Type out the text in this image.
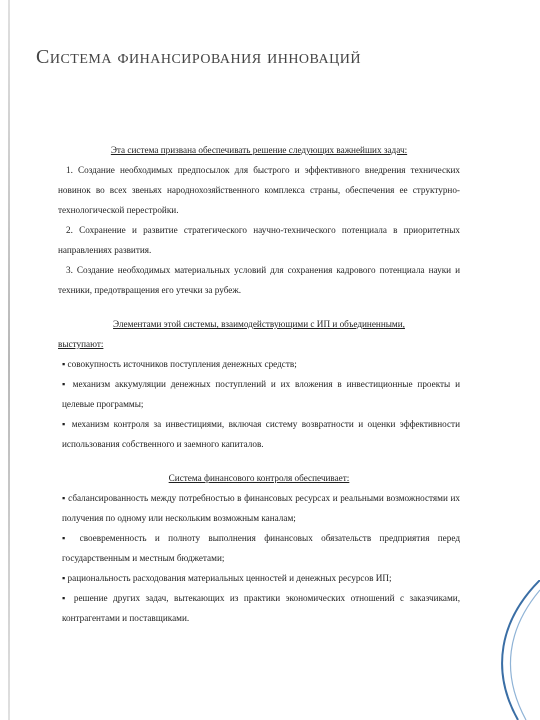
Система финансирования инноваций

Эта система призвана обеспечивать решение следующих важнейших задач:

1. Создание необходимых предпосылок для быстрого и эффективного внедрения технических новинок во всех звеньях народнохозяйственного комплекса страны, обеспечения ее структурно-технологической перестройки.

2. Сохранение и развитие стратегического научно-технического потенциала в приоритетных направлениях развития.

3. Создание необходимых материальных условий для сохранения кадрового потенциала науки и техники, предотвращения его утечки за рубеж.

Элементами этой системы, взаимодействующими с ИП и объединенными,

выступают:

▪ совокупность источников поступления денежных средств;

▪ механизм аккумуляции денежных поступлений и их вложения в инвестиционные проекты и целевые программы;

▪ механизм контроля за инвестициями, включая систему возвратности и оценки эффективности использования собственного и заемного капиталов.

Система финансового контроля обеспечивает:

▪ сбалансированность между потребностью в финансовых ресурсах и реальными возможностями их получения по одному или нескольким возможным каналам;

▪ своевременность и полноту выполнения финансовых обязательств предприятия перед государственным и местным бюджетами;

▪ рациональность расходования материальных ценностей и денежных ресурсов ИП;

▪ решение других задач, вытекающих из практики экономических отношений с заказчиками, контрагентами и поставщиками.
